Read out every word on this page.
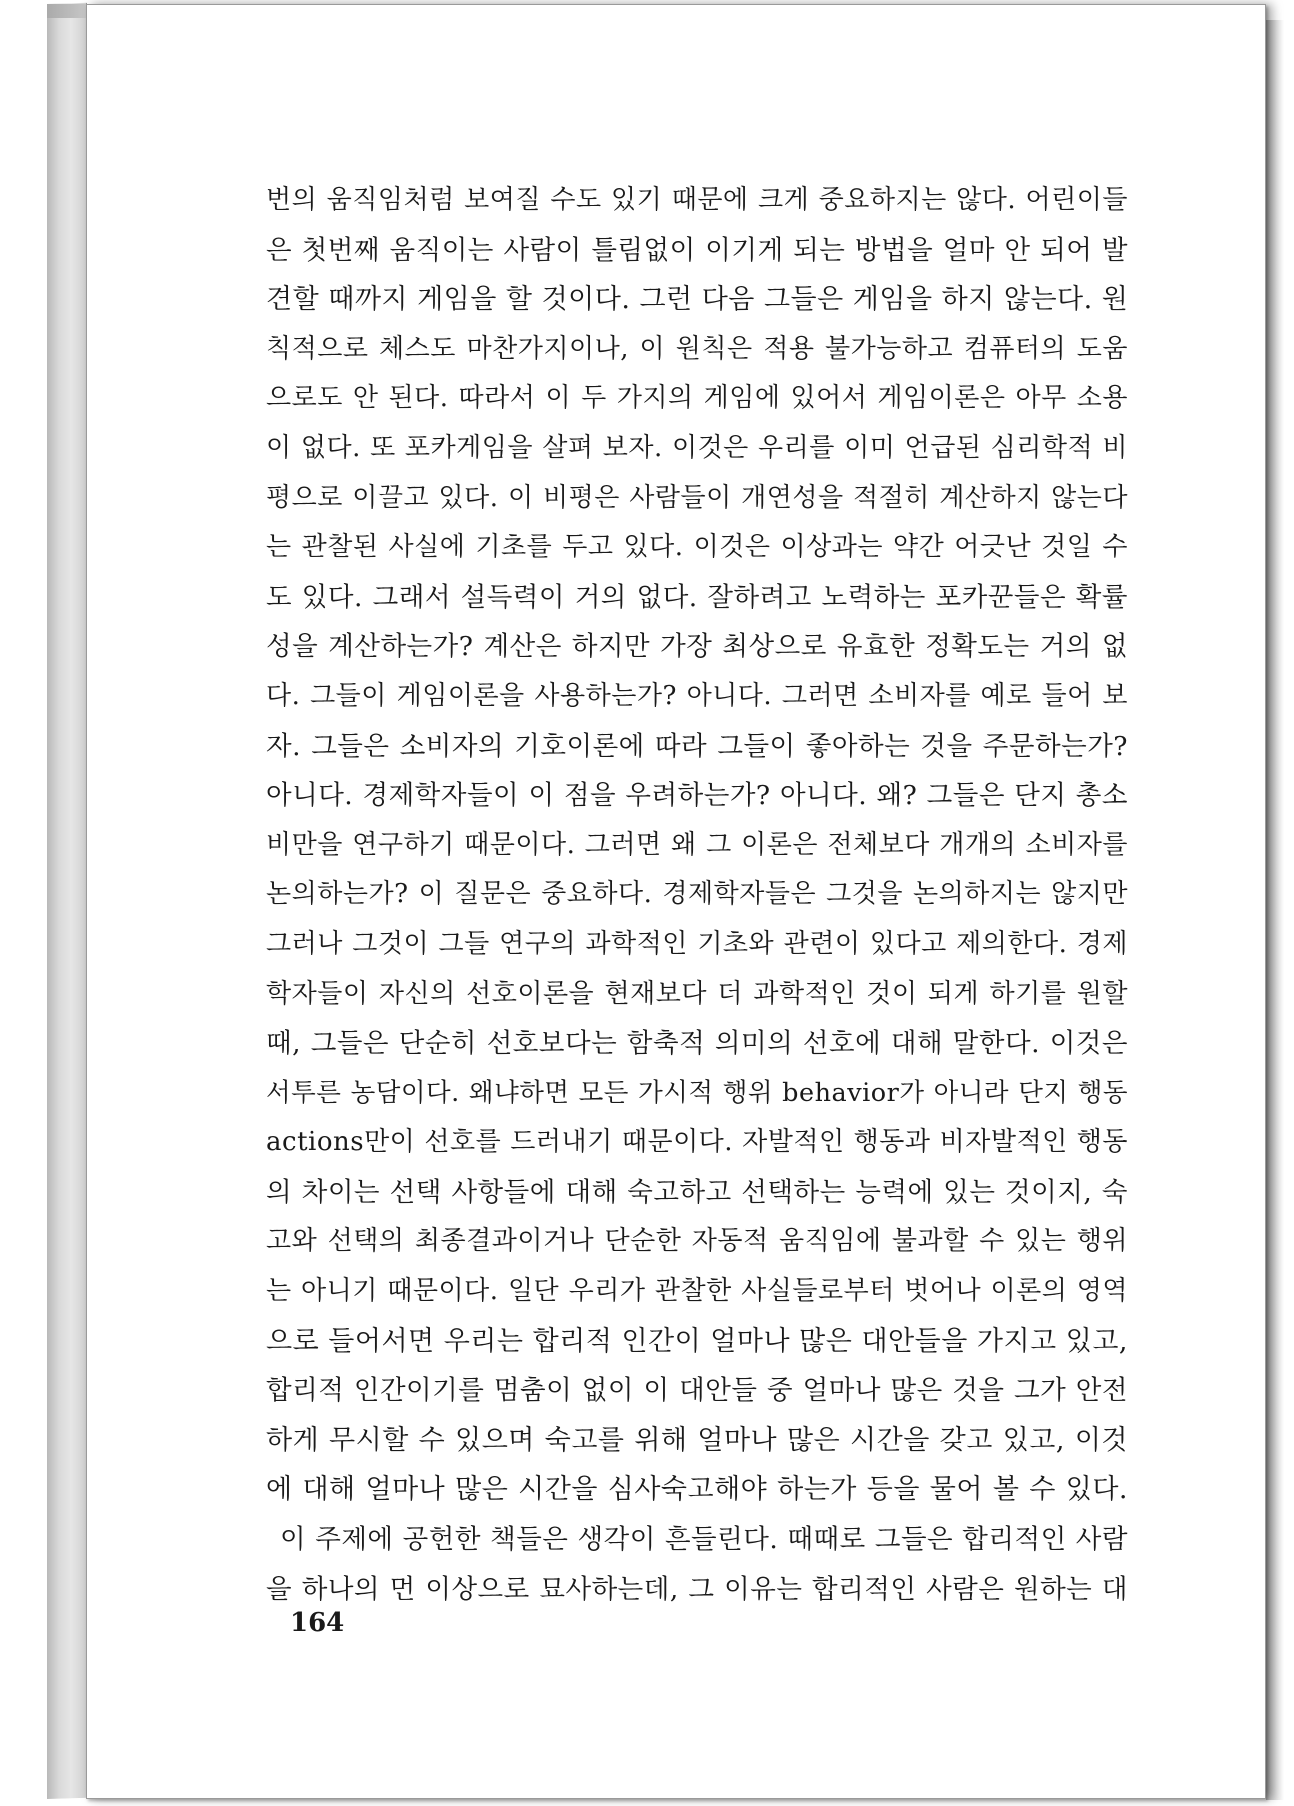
번의 움직임처럼 보여질 수도 있기 때문에 크게 중요하지는 않다. 어린이들
은 첫번째 움직이는 사람이 틀림없이 이기게 되는 방법을 얼마 안 되어 발
견할 때까지 게임을 할 것이다. 그런 다음 그들은 게임을 하지 않는다. 원
칙적으로 체스도 마찬가지이나, 이 원칙은 적용 불가능하고 컴퓨터의 도움
으로도 안 된다. 따라서 이 두 가지의 게임에 있어서 게임이론은 아무 소용
이 없다. 또 포카게임을 살펴 보자. 이것은 우리를 이미 언급된 심리학적 비
평으로 이끌고 있다. 이 비평은 사람들이 개연성을 적절히 계산하지 않는다
는 관찰된 사실에 기초를 두고 있다. 이것은 이상과는 약간 어긋난 것일 수
도 있다. 그래서 설득력이 거의 없다. 잘하려고 노력하는 포카꾼들은 확률
성을 계산하는가? 계산은 하지만 가장 최상으로 유효한 정확도는 거의 없
다. 그들이 게임이론을 사용하는가? 아니다. 그러면 소비자를 예로 들어 보
자. 그들은 소비자의 기호이론에 따라 그들이 좋아하는 것을 주문하는가?
아니다. 경제학자들이 이 점을 우려하는가? 아니다. 왜? 그들은 단지 총소
비만을 연구하기 때문이다. 그러면 왜 그 이론은 전체보다 개개의 소비자를
논의하는가? 이 질문은 중요하다. 경제학자들은 그것을 논의하지는 않지만
그러나 그것이 그들 연구의 과학적인 기초와 관련이 있다고 제의한다. 경제
학자들이 자신의 선호이론을 현재보다 더 과학적인 것이 되게 하기를 원할
때, 그들은 단순히 선호보다는 함축적 의미의 선호에 대해 말한다. 이것은
서투른 농담이다. 왜냐하면 모든 가시적 행위 behavior가 아니라 단지 행동
actions만이 선호를 드러내기 때문이다. 자발적인 행동과 비자발적인 행동
의 차이는 선택 사항들에 대해 숙고하고 선택하는 능력에 있는 것이지, 숙
고와 선택의 최종결과이거나 단순한 자동적 움직임에 불과할 수 있는 행위
는 아니기 때문이다. 일단 우리가 관찰한 사실들로부터 벗어나 이론의 영역
으로 들어서면 우리는 합리적 인간이 얼마나 많은 대안들을 가지고 있고,
합리적 인간이기를 멈춤이 없이 이 대안들 중 얼마나 많은 것을 그가 안전
하게 무시할 수 있으며 숙고를 위해 얼마나 많은 시간을 갖고 있고, 이것
에 대해 얼마나 많은 시간을 심사숙고해야 하는가 등을 물어 볼 수 있다.
이 주제에 공헌한 책들은 생각이 흔들린다. 때때로 그들은 합리적인 사람
을 하나의 먼 이상으로 묘사하는데, 그 이유는 합리적인 사람은 원하는 대
164
